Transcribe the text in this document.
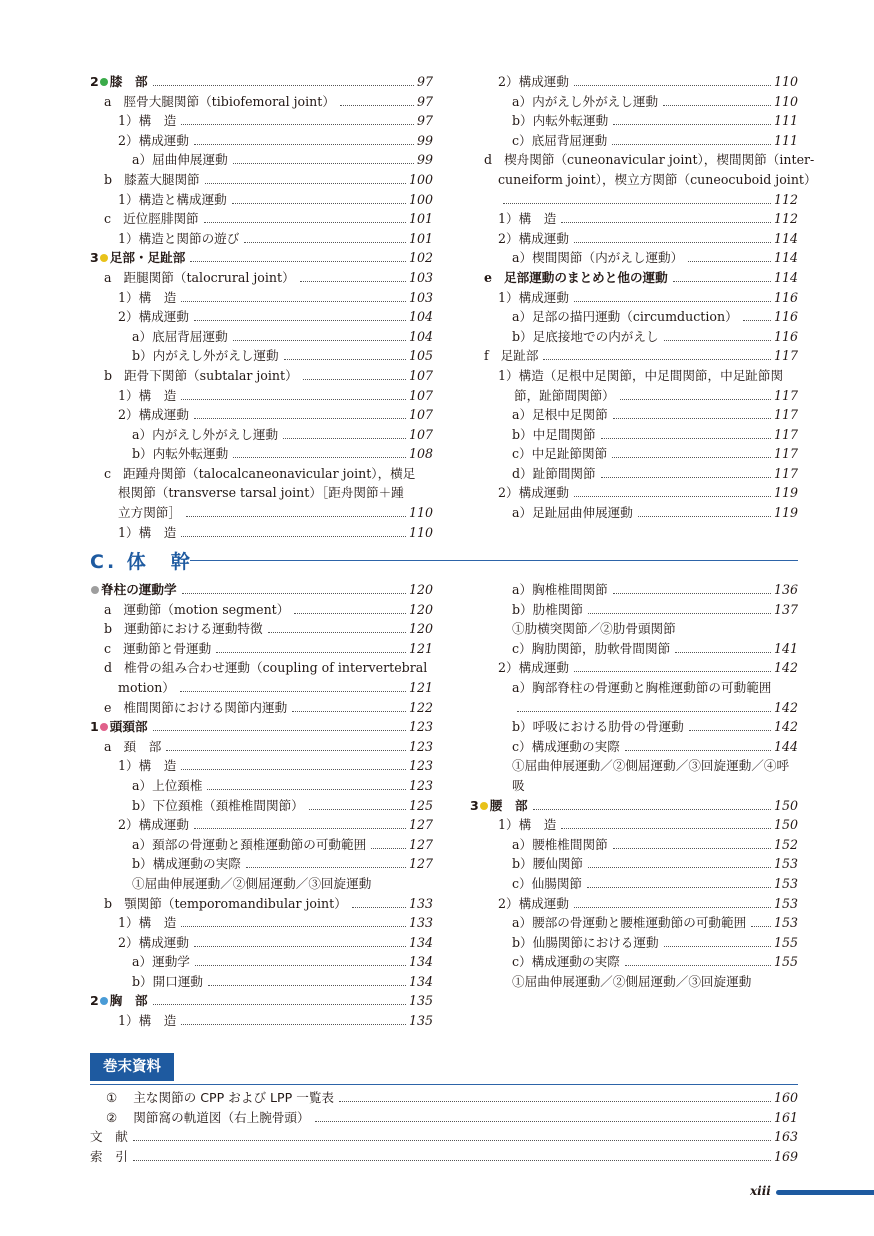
2 膝　部	97
a 脛骨大腿関節（tibiofemoral joint）	97
1）構　造	97
2）構成運動	99
a）屈曲伸展運動	99
b 膝蓋大腿関節	100
1）構造と構成運動	100
c 近位脛腓関節	101
1）構造と関節の遊び	101
3 足部・足趾部	102
a 距腿関節（talocrural joint）	103
1）構　造	103
2）構成運動	104
a）底屈背屈運動	104
b）内がえし外がえし運動	105
b 距骨下関節（subtalar joint）	107
1）構　造	107
2）構成運動	107
a）内がえし外がえし運動	107
b）内転外転運動	108
c 距踵舟関節（talocalcaneonavicular joint），横足
根関節（transverse tarsal joint）［距舟関節＋踵
立方関節］	110
1）構　造	110
2）構成運動	110
a）内がえし外がえし運動	110
b）内転外転運動	111
c）底屈背屈運動	111
d 楔舟関節（cuneonavicular joint），楔間関節（inter-
cuneiform joint），楔立方関節（cuneocuboid joint）
112
1）構　造	112
2）構成運動	114
a）楔間関節（内がえし運動）	114
e 足部運動のまとめと他の運動	114
1）構成運動	116
a）足部の描円運動（circumduction）	116
b）足底接地での内がえし	116
f 足趾部	117
1）構造（足根中足関節，中足間関節，中足趾節関
節，趾節間関節）	117
a）足根中足関節	117
b）中足間関節	117
c）中足趾節関節	117
d）趾節間関節	117
2）構成運動	119
a）足趾屈曲伸展運動	119
C. 体　幹
脊柱の運動学	120
a 運動節（motion segment）	120
b 運動節における運動特徴	120
c 運動節と骨運動	121
d 椎骨の組み合わせ運動（coupling of intervertebral
motion）	121
e 椎間関節における関節内運動	122
1 頭頚部	123
a 頚　部	123
1）構　造	123
a）上位頚椎	123
b）下位頚椎（頚椎椎間関節）	125
2）構成運動	127
a）頚部の骨運動と頚椎運動節の可動範囲	127
b）構成運動の実際	127
①屈曲伸展運動／②側屈運動／③回旋運動
b 顎関節（temporomandibular joint）	133
1）構　造	133
2）構成運動	134
a）運動学	134
b）開口運動	134
2 胸　部	135
1）構　造	135
a）胸椎椎間関節	136
b）肋椎関節	137
①肋横突関節／②肋骨頭関節
c）胸肋関節，肋軟骨間関節	141
2）構成運動	142
a）胸部脊柱の骨運動と胸椎運動節の可動範囲
142
b）呼吸における肋骨の骨運動	142
c）構成運動の実際	144
①屈曲伸展運動／②側屈運動／③回旋運動／④呼
吸
3 腰　部	150
1）構　造	150
a）腰椎椎間関節	152
b）腰仙関節	153
c）仙腸関節	153
2）構成運動	153
a）腰部の骨運動と腰椎運動節の可動範囲 153
b）仙腸関節における運動	155
c）構成運動の実際	155
①屈曲伸展運動／②側屈運動／③回旋運動
巻末資料
① 主な関節の CPP および LPP 一覧表	160
② 関節窩の軌道図（右上腕骨頭）	161
文　献	163
索　引	169
xiii
